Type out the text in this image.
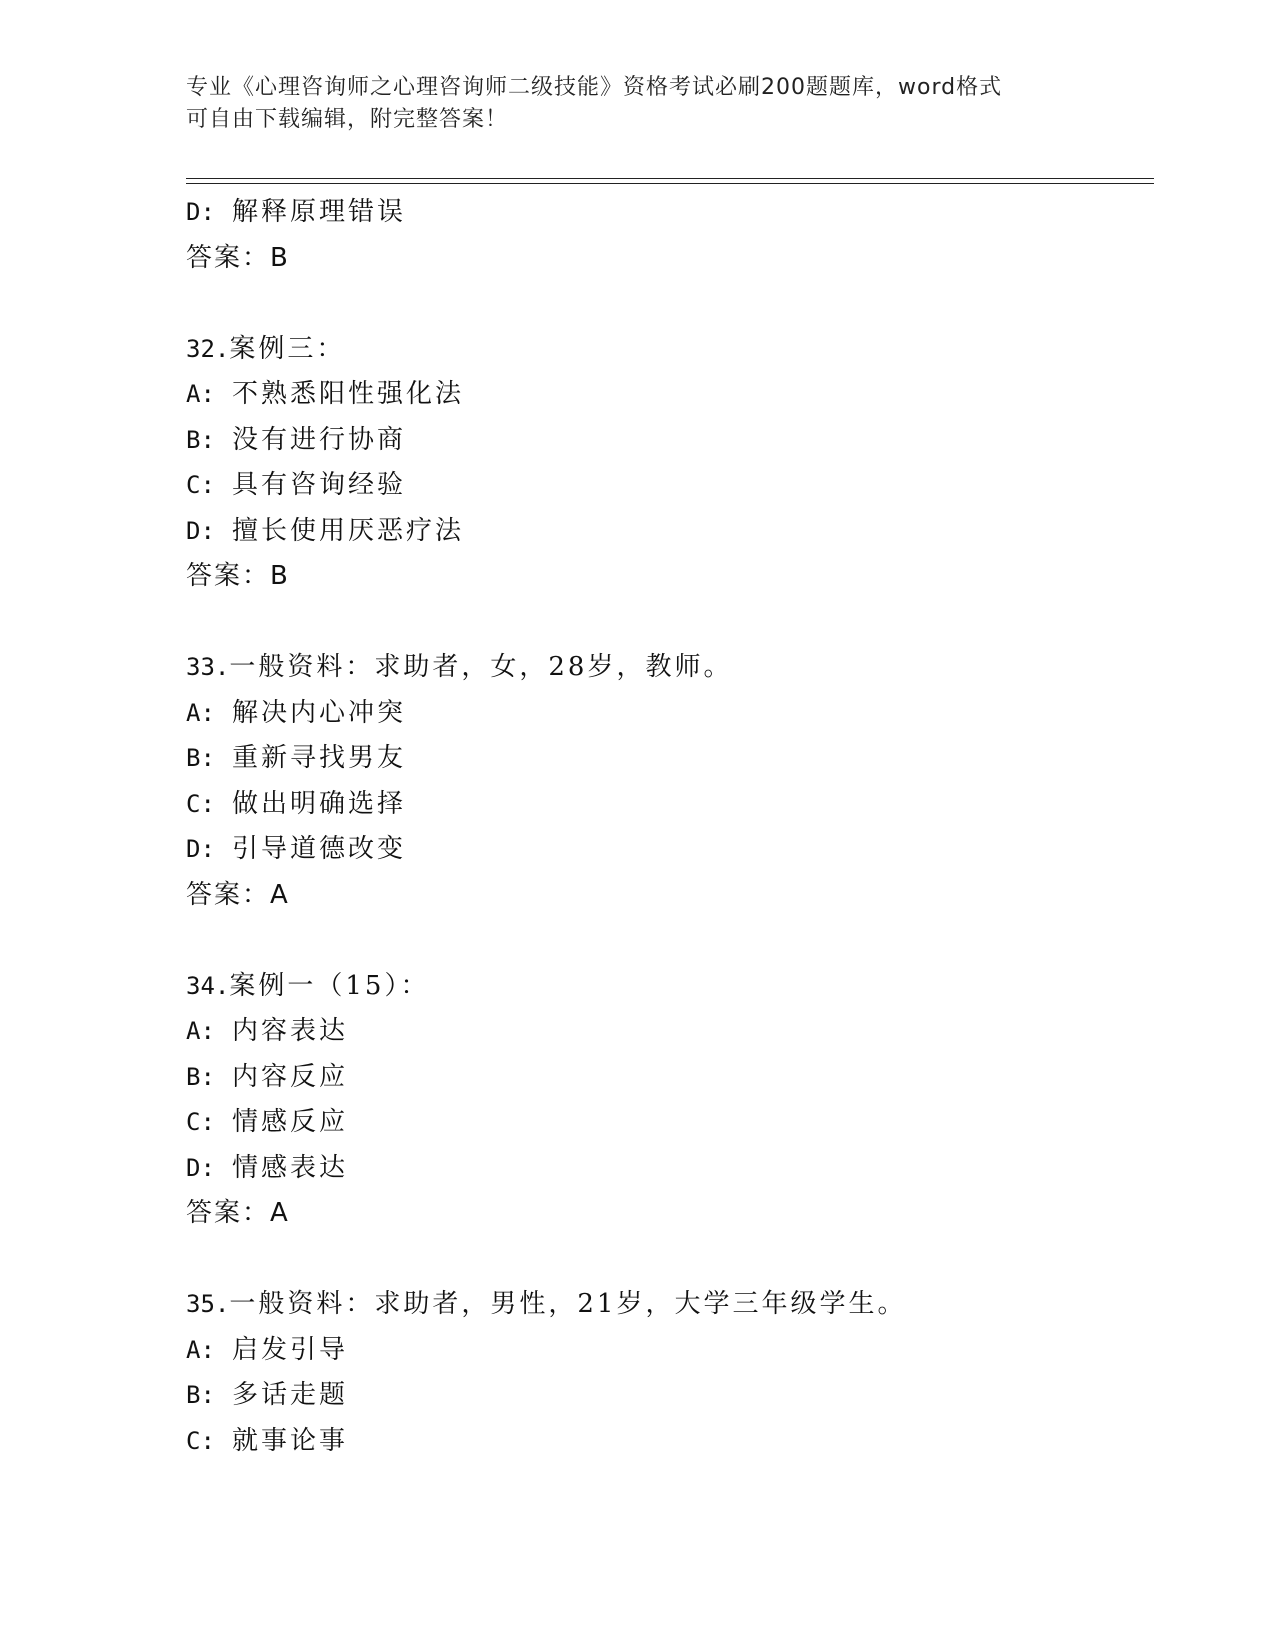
专业《心理咨询师之心理咨询师二级技能》资格考试必刷200题题库，word格式
可自由下载编辑，附完整答案！
D: 解释原理错误
答案：B
32.案例三：
A: 不熟悉阳性强化法
B: 没有进行协商
C: 具有咨询经验
D: 擅长使用厌恶疗法
答案：B
33.一般资料：求助者，女，28岁，教师。
A: 解决内心冲突
B: 重新寻找男友
C: 做出明确选择
D: 引导道德改变
答案：A
34.案例一（15）：
A: 内容表达
B: 内容反应
C: 情感反应
D: 情感表达
答案：A
35.一般资料：求助者，男性，21岁，大学三年级学生。
A: 启发引导
B: 多话走题
C: 就事论事
